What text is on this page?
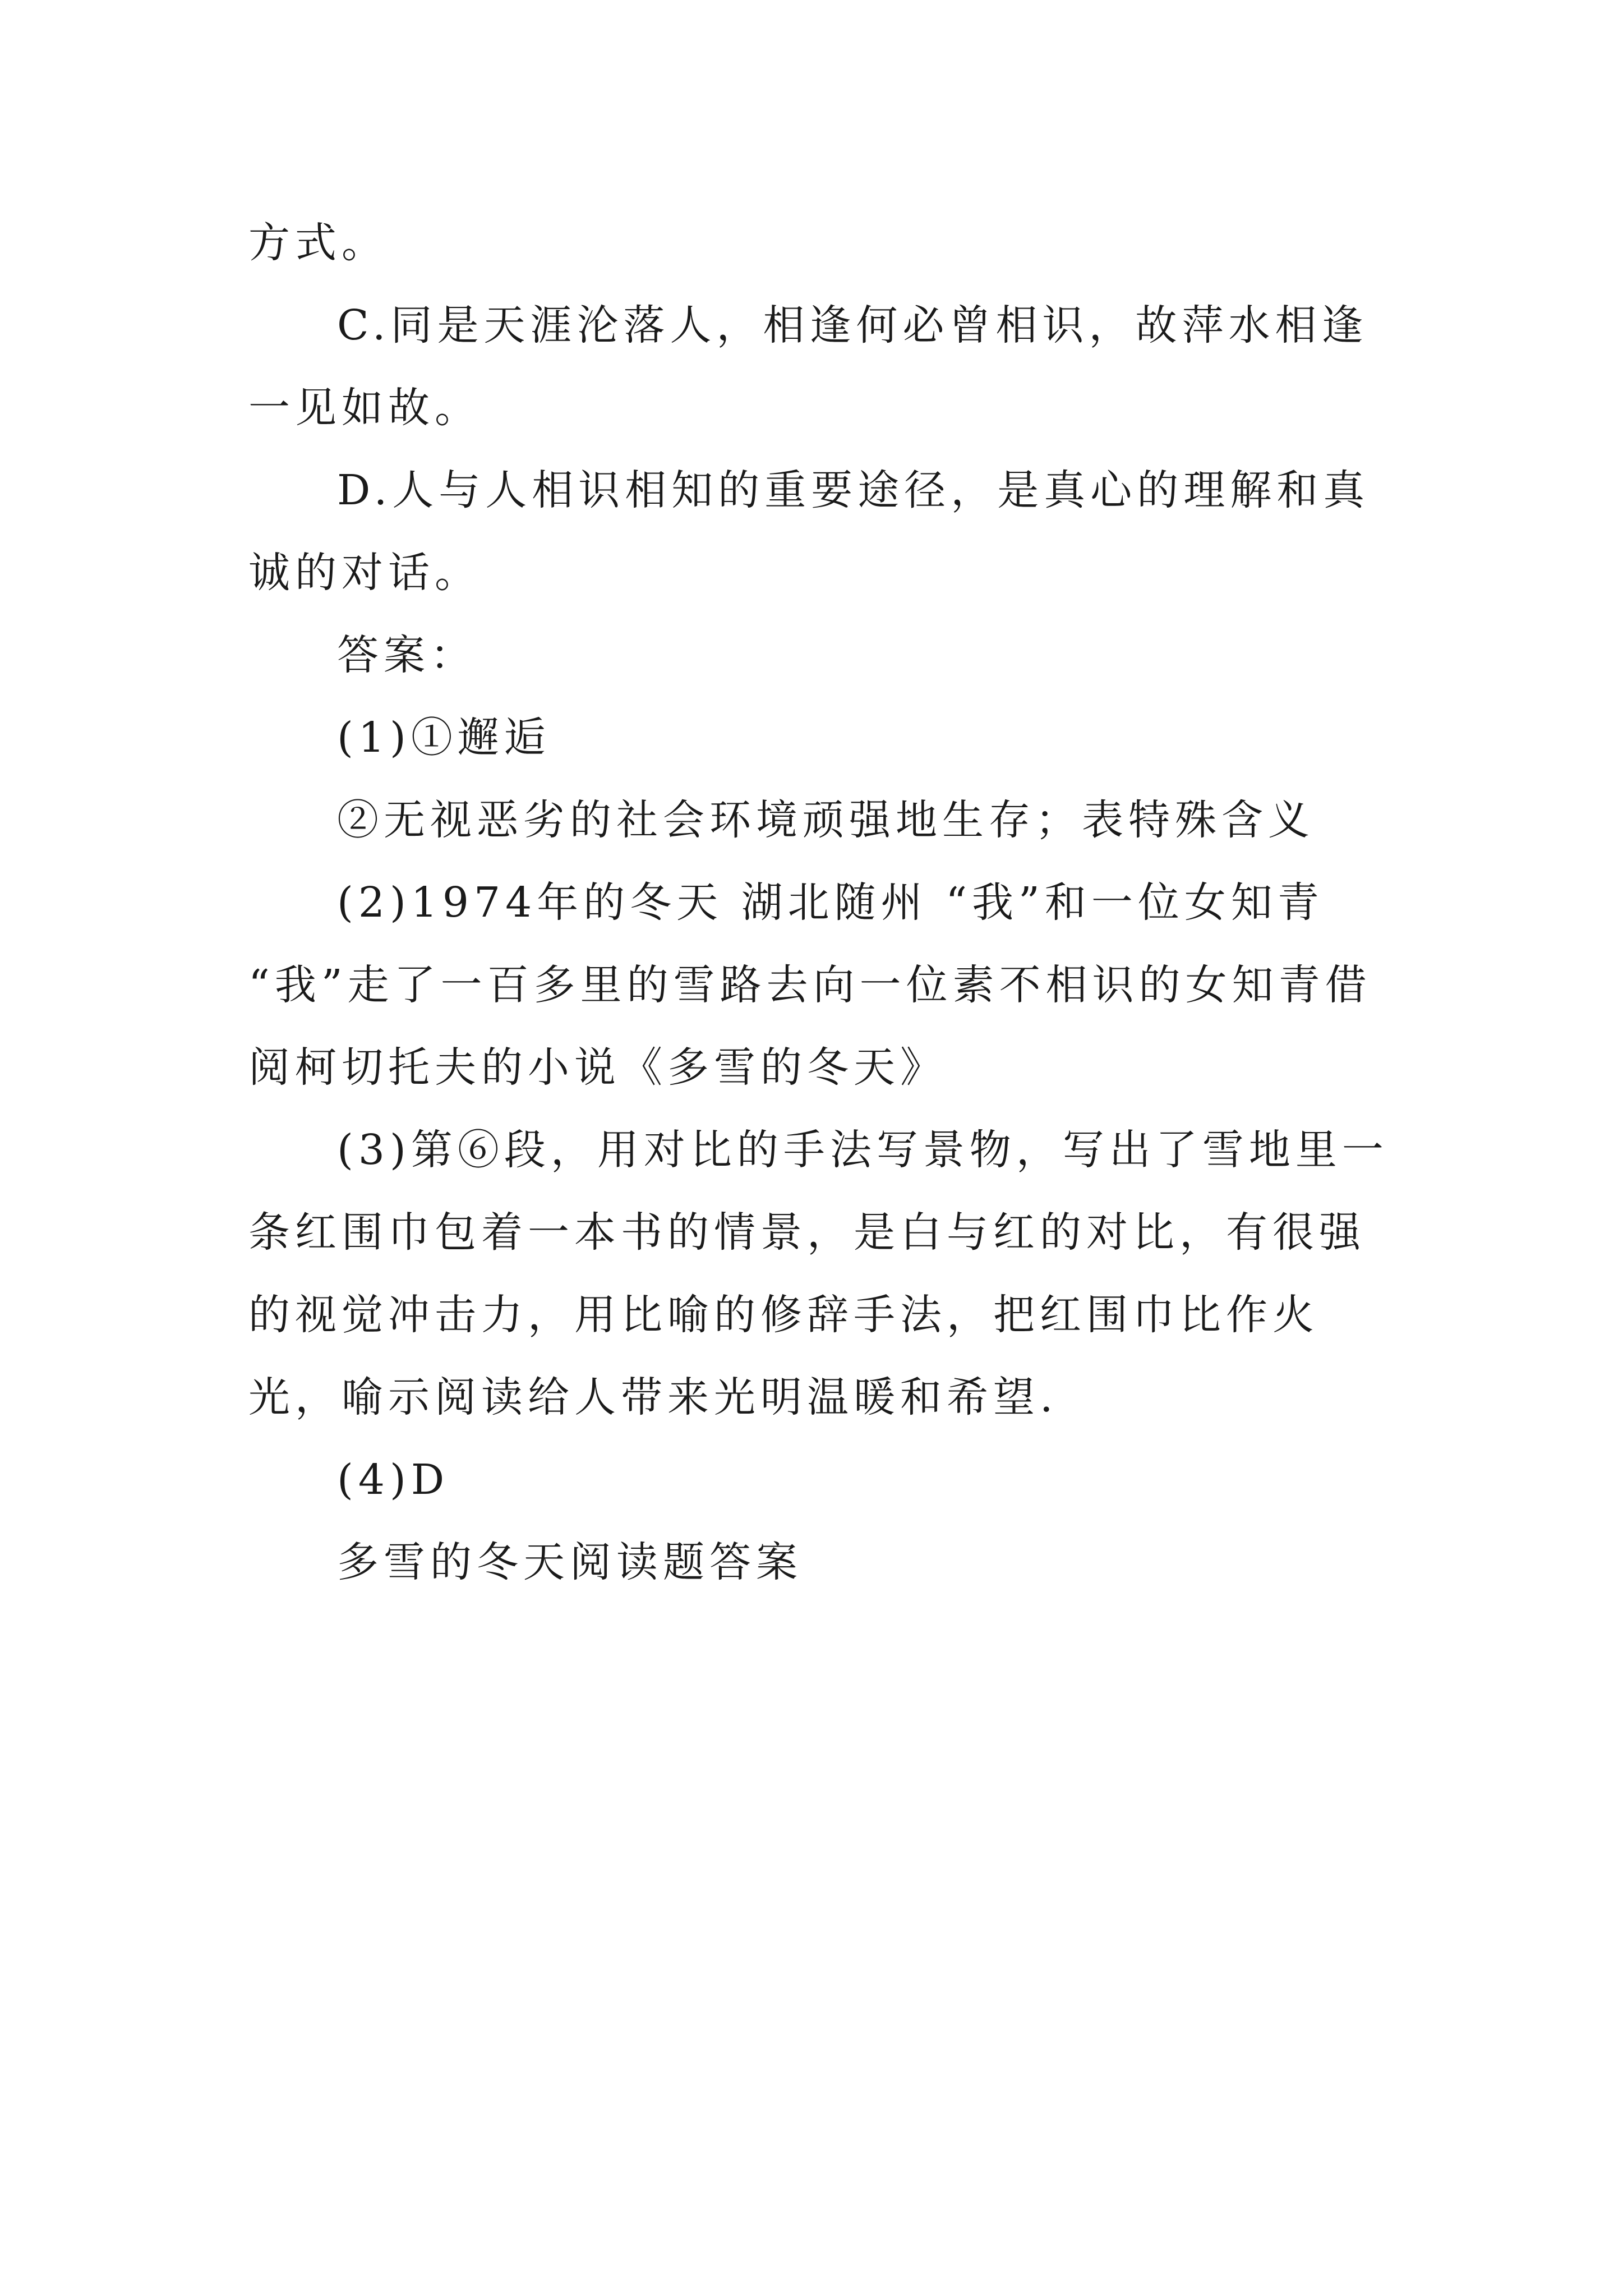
方式。

C.同是天涯沦落人，相逢何必曾相识，故萍水相逢一见如故。

D.人与人相识相知的重要途径，是真心的理解和真诚的对话。

答案：

(1)①邂逅

②无视恶劣的社会环境顽强地生存；表特殊含义

(2)1974年的冬天 湖北随州 “我”和一位女知青 “我”走了一百多里的雪路去向一位素不相识的女知青借阅柯切托夫的小说《多雪的冬天》

(3)第⑥段，用对比的手法写景物，写出了雪地里一条红围巾包着一本书的情景，是白与红的对比，有很强的视觉冲击力，用比喻的修辞手法，把红围巾比作火光，喻示阅读给人带来光明温暖和希望.

(4)D

多雪的冬天阅读题答案
